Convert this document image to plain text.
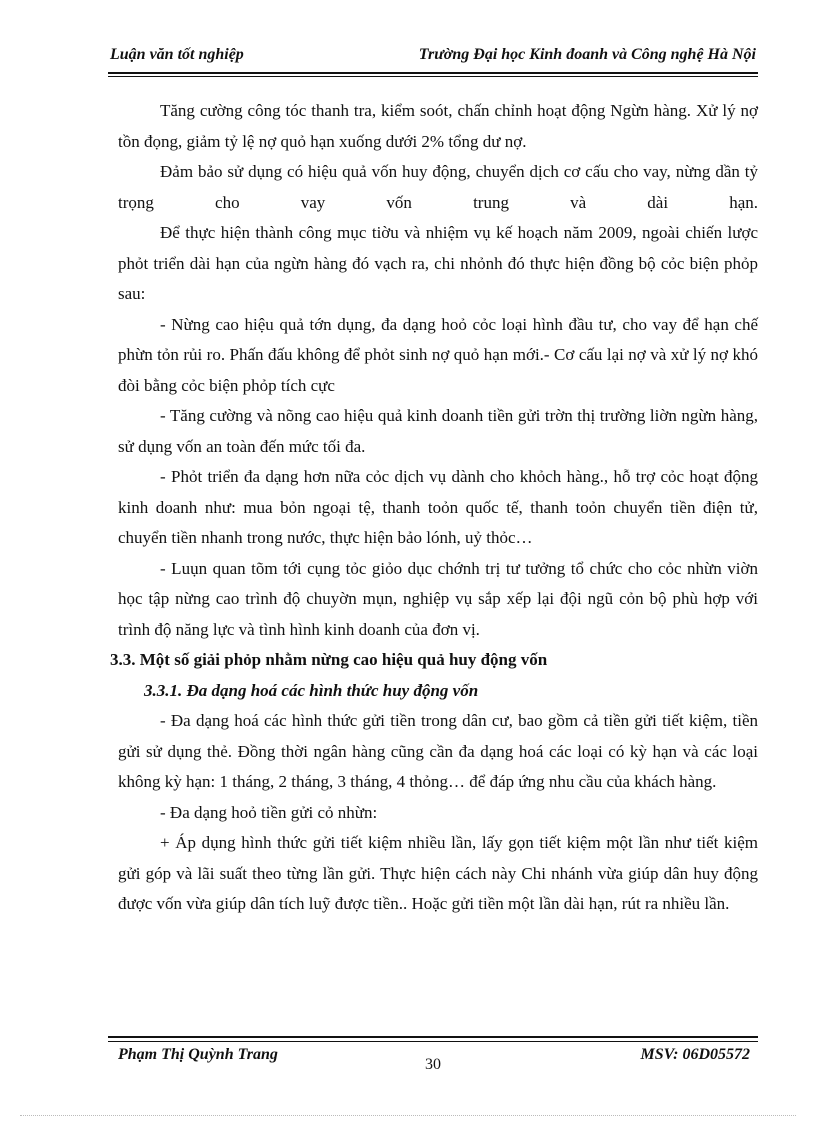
Luận văn tốt nghiệp	Trường Đại học Kinh đoanh và Công nghệ Hà Nội

Tăng cường công tóc thanh tra, kiểm soót, chấn chỉnh hoạt động Ngừn hàng. Xử lý nợ tồn đọng, giảm tỷ lệ nợ quỏ hạn xuống dưới 2% tổng dư nợ.

Đảm bảo sử dụng có hiệu quả vốn huy động, chuyển dịch cơ cấu cho vay, nừng dần tỷ trọng cho vay vốn trung và dài hạn.

Để thực hiện thành công mục tiờu và nhiệm vụ kế hoạch năm 2009, ngoài chiến lược phỏt triển dài hạn của ngừn hàng đó vạch ra, chi nhỏnh đó thực hiện đồng bộ cỏc biện phỏp sau:

- Nừng cao hiệu quả tớn dụng, đa dạng hoỏ cỏc loại hình đầu tư, cho vay để hạn chế phừn tỏn rủi ro. Phấn đấu không để phỏt sinh nợ quỏ hạn mới.- Cơ cấu lại nợ và xử lý nợ khó đòi bằng cỏc biện phỏp tích cực

- Tăng cường và nõng cao hiệu quả kinh doanh tiền gửi trờn thị trường liờn ngừn hàng, sử dụng vốn an toàn đến mức tối đa.

- Phỏt triển đa dạng hơn nữa cỏc dịch vụ dành cho khỏch hàng., hỗ trợ cỏc hoạt động kinh doanh như: mua bỏn ngoại tệ, thanh toỏn quốc tế, thanh toỏn chuyển tiền điện tử, chuyển tiền nhanh trong nước, thực hiện bảo lónh, uỷ thỏc…

- Luụn quan tõm tới cụng tỏc giỏo dục chớnh trị tư tưởng tổ chức cho cỏc nhừn viờn học tập nừng cao trình độ chuyờn mụn, nghiệp vụ sắp xếp lại đội ngũ cỏn bộ phù hợp với trình độ năng lực và tình hình kinh doanh của đơn vị.

3.3. Một số giải phỏp nhằm nừng cao hiệu quả huy động vốn

3.3.1. Đa dạng hoá các hình thức huy động vốn

- Đa dạng hoá các hình thức gửi tiền trong dân cư, bao gồm cả tiền gửi tiết kiệm, tiền gửi sử dụng thẻ. Đồng thời ngân hàng cũng cần đa dạng hoá các loại có kỳ hạn và các loại không kỳ hạn: 1 tháng, 2 tháng, 3 tháng, 4 thỏng… để đáp ứng nhu cầu của khách hàng.

- Đa dạng hoỏ tiền gửi cỏ nhừn:

+ Áp dụng hình thức gửi tiết kiệm nhiều lần, lấy gọn tiết kiệm một lần như tiết kiệm gửi góp và lãi suất theo từng lần gửi. Thực hiện cách này Chi nhánh vừa giúp dân huy động được vốn vừa giúp dân tích luỹ được tiền.. Hoặc gửi tiền một lần dài hạn, rút ra nhiều lần.

Phạm Thị Quỳnh Trang
30
MSV: 06D05572
